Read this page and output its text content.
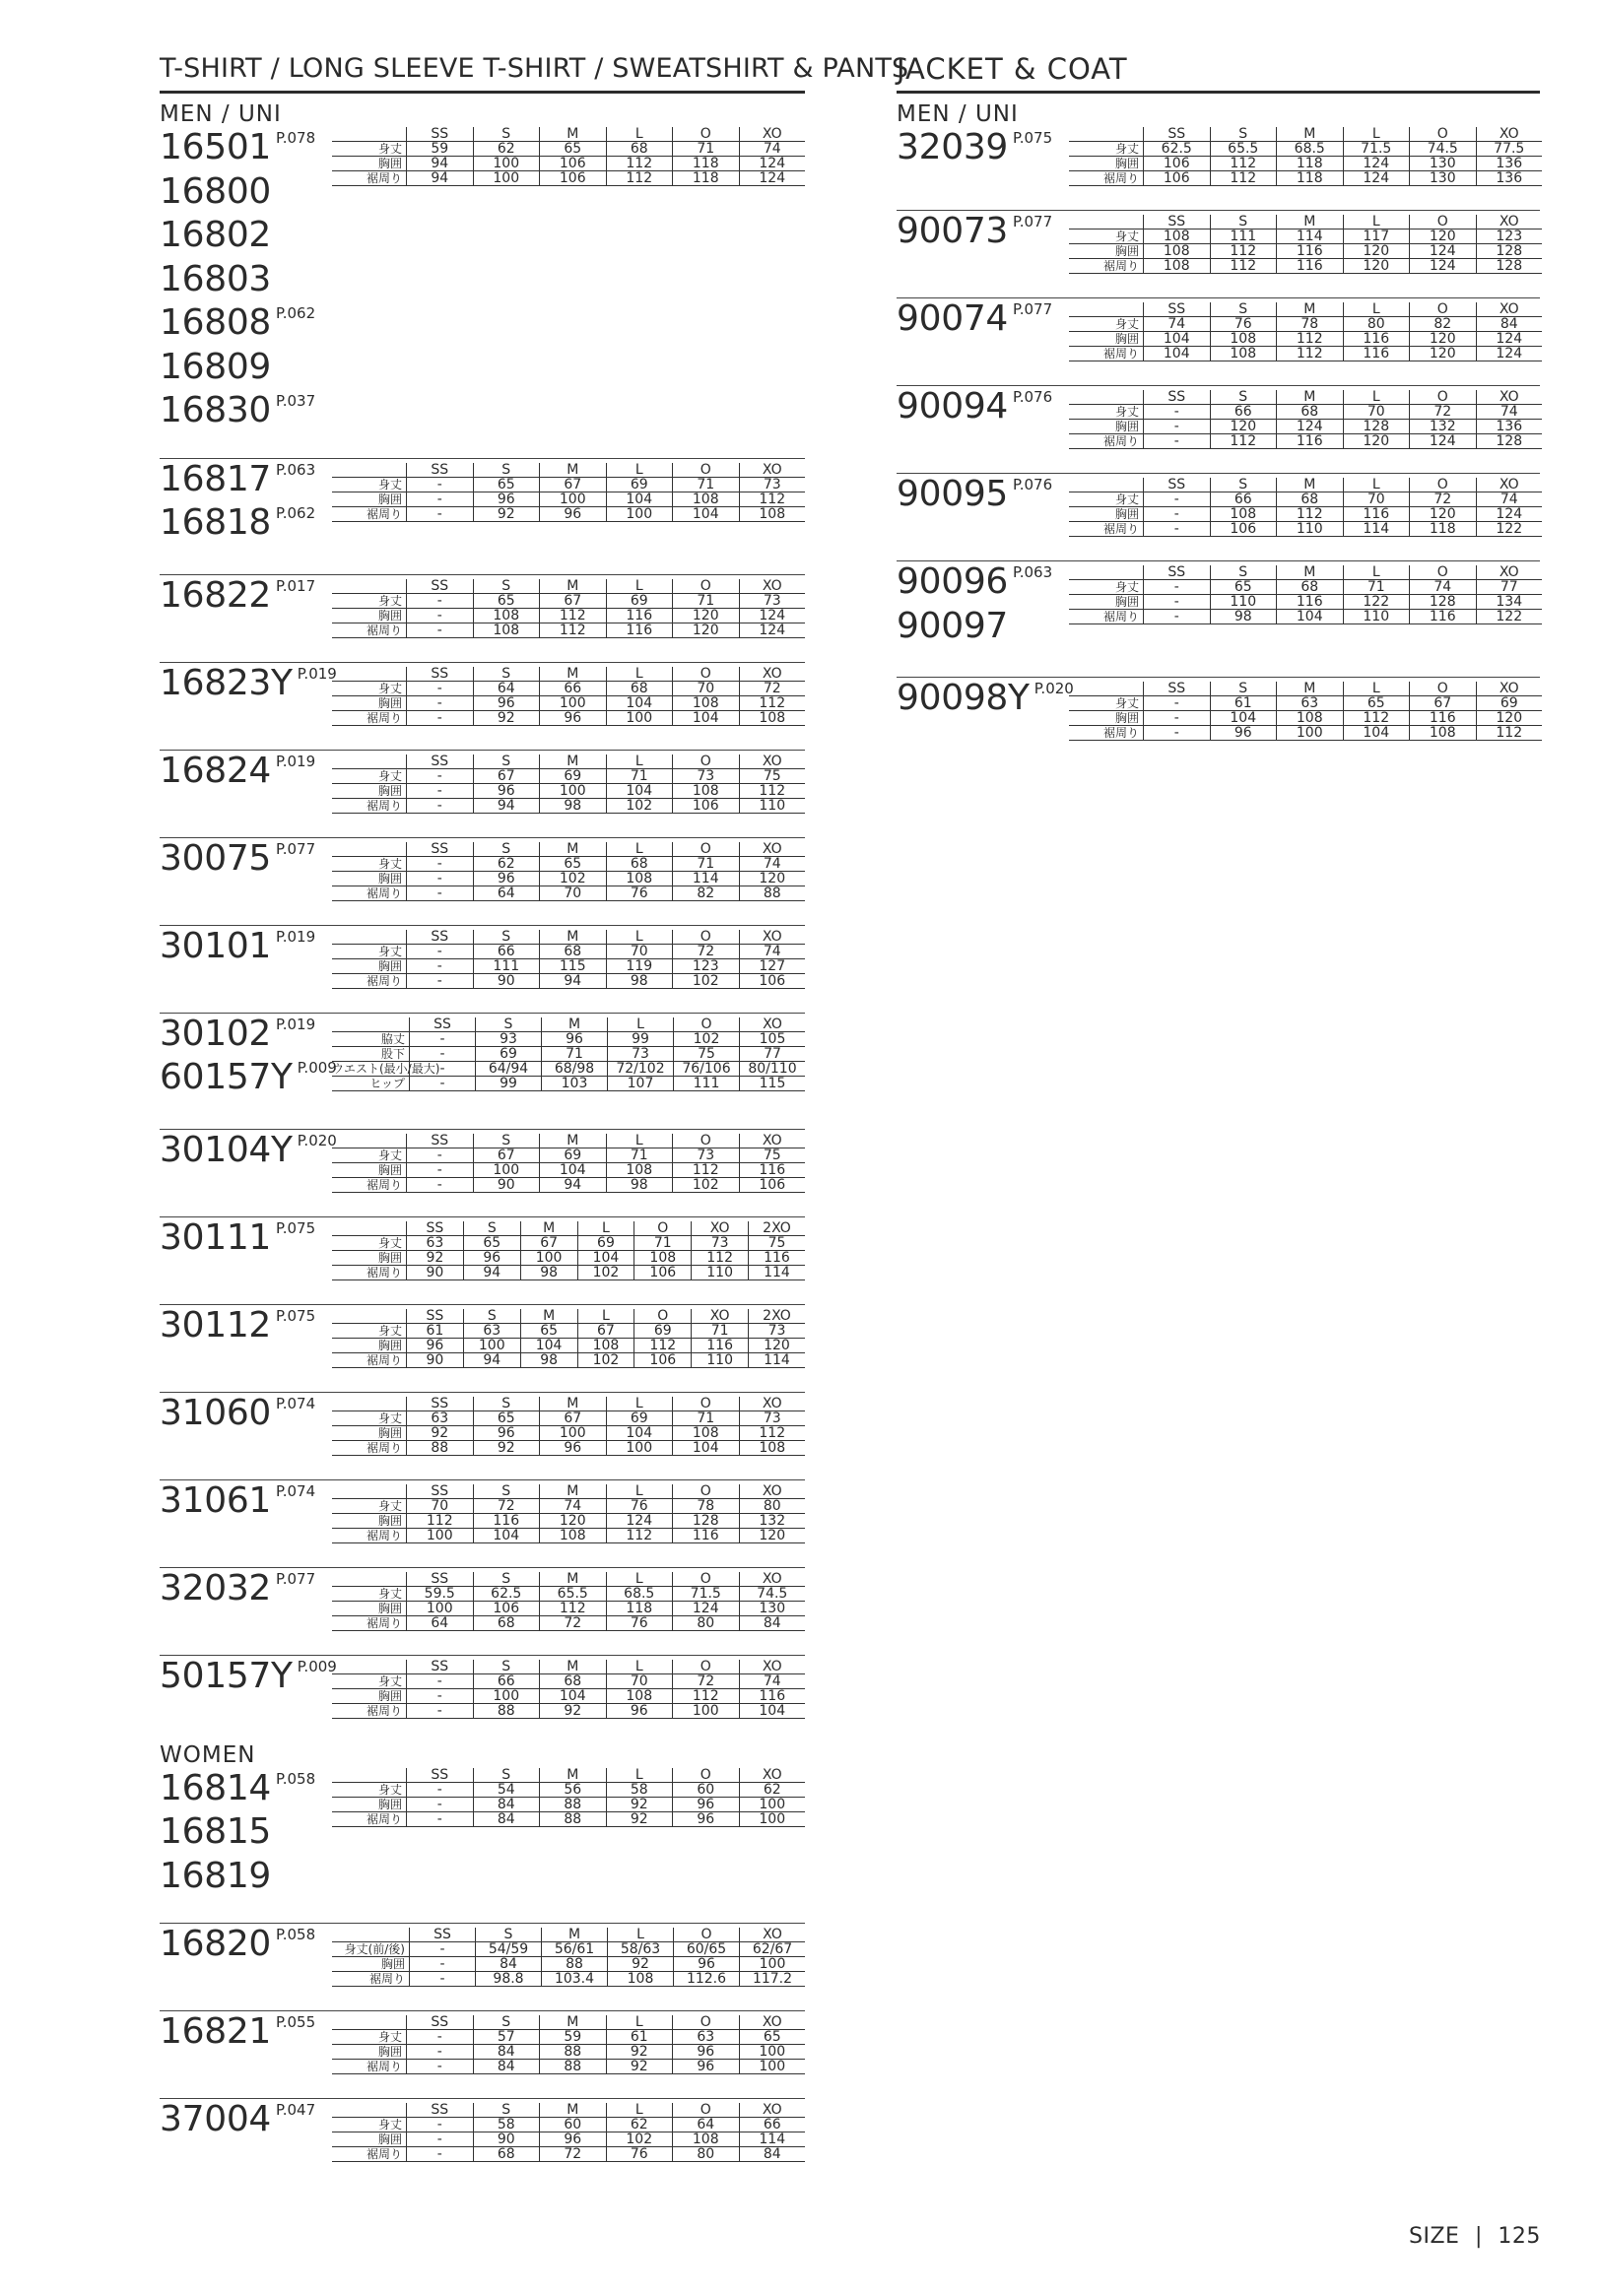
T-SHIRT / LONG SLEEVE T-SHIRT / SWEATSHIRT & PANTS
MEN / UNI
16501 P.078
16800
16802
16803
16808 P.062
16809
16830 P.037
SS	S	M	L	O	XO
身丈	59	62	65	68	71	74
胸囲	94	100	106	112	118	124
裾周り	94	100	106	112	118	124
16817 P.063
16818 P.062
SS	S	M	L	O	XO
身丈	-	65	67	69	71	73
胸囲	-	96	100	104	108	112
裾周り	-	92	96	100	104	108
16822 P.017	SS	S	M	L	O	XO
身丈	-	65	67	69	71	73
胸囲	-	108	112	116	120	124
裾周り	-	108	112	116	120	124
16823Y P.019	SS	S	M	L	O	XO
身丈	-	64	66	68	70	72
胸囲	-	96	100	104	108	112
裾周り	-	92	96	100	104	108
16824 P.019	SS	S	M	L	O	XO
身丈	-	67	69	71	73	75
胸囲	-	96	100	104	108	112
裾周り	-	94	98	102	106	110
30075 P.077	SS	S	M	L	O	XO
身丈	-	62	65	68	71	74
胸囲	-	96	102	108	114	120
裾周り	-	64	70	76	82	88
30101 P.019	SS	S	M	L	O	XO
身丈	-	66	68	70	72	74
胸囲	-	111	115	119	123	127
裾周り	-	90	94	98	102	106
30102 P.019
60157Y P.009
SS	S	M	L	O	XO
脇丈	-	93	96	99	102	105
股下	-	69	71	73	75	77
ウエスト(最小/最大) -	64/94	68/98	72/102	76/106	80/110
ヒップ	-	99	103	107	111	115
30104Y P.020	SS	S	M	L	O	XO
身丈	-	67	69	71	73	75
胸囲	-	100	104	108	112	116
裾周り	-	90	94	98	102	106
30111 P.075	SS	S	M	L	O	XO	2XO
身丈	63	65	67	69	71	73	75
胸囲	92	96	100	104	108	112	116
裾周り	90	94	98	102	106	110	114
30112 P.075	SS	S	M	L	O	XO	2XO
身丈	61	63	65	67	69	71	73
胸囲	96	100	104	108	112	116	120
裾周り	90	94	98	102	106	110	114
31060 P.074	SS	S	M	L	O	XO
身丈	63	65	67	69	71	73
胸囲	92	96	100	104	108	112
裾周り	88	92	96	100	104	108
31061 P.074	SS	S	M	L	O	XO
身丈	70	72	74	76	78	80
胸囲	112	116	120	124	128	132
裾周り	100	104	108	112	116	120
32032 P.077	SS	S	M	L	O	XO
身丈	59.5	62.5	65.5	68.5	71.5	74.5
胸囲	100	106	112	118	124	130
裾周り	64	68	72	76	80	84
50157Y P.009	SS	S	M	L	O	XO
身丈	-	66	68	70	72	74
胸囲	-	100	104	108	112	116
裾周り	-	88	92	96	100	104
WOMEN
16814 P.058
16815
16819
SS	S	M	L	O	XO
身丈	-	54	56	58	60	62
胸囲	-	84	88	92	96	100
裾周り	-	84	88	92	96	100
16820 P.058	SS	S	M	L	O	XO
身丈(前/後)	-	54/59	56/61	58/63	60/65	62/67
胸囲	-	84	88	92	96	100
裾周り	-	98.8	103.4	108	112.6	117.2
16821 P.055	SS	S	M	L	O	XO
身丈	-	57	59	61	63	65
胸囲	-	84	88	92	96	100
裾周り	-	84	88	92	96	100
37004 P.047	SS	S	M	L	O	XO
身丈	-	58	60	62	64	66
胸囲	-	90	96	102	108	114
裾周り	-	68	72	76	80	84
JACKET & COAT
MEN / UNI
32039 P.075	SS	S	M	L	O	XO
身丈	62.5	65.5	68.5	71.5	74.5	77.5
胸囲	106	112	118	124	130	136
裾周り	106	112	118	124	130	136
90073 P.077	SS	S	M	L	O	XO
身丈	108	111	114	117	120	123
胸囲	108	112	116	120	124	128
裾周り	108	112	116	120	124	128
90074 P.077	SS	S	M	L	O	XO
身丈	74	76	78	80	82	84
胸囲	104	108	112	116	120	124
裾周り	104	108	112	116	120	124
90094 P.076	SS	S	M	L	O	XO
身丈	-	66	68	70	72	74
胸囲	-	120	124	128	132	136
裾周り	-	112	116	120	124	128
90095 P.076	SS	S	M	L	O	XO
身丈	-	66	68	70	72	74
胸囲	-	108	112	116	120	124
裾周り	-	106	110	114	118	122
90096 P.063
90097
SS	S	M	L	O	XO
身丈	-	65	68	71	74	77
胸囲	-	110	116	122	128	134
裾周り	-	98	104	110	116	122
90098Y P.020	SS	S	M	L	O	XO
身丈	-	61	63	65	67	69
胸囲	-	104	108	112	116	120
裾周り	-	96	100	104	108	112
SIZE | 125
